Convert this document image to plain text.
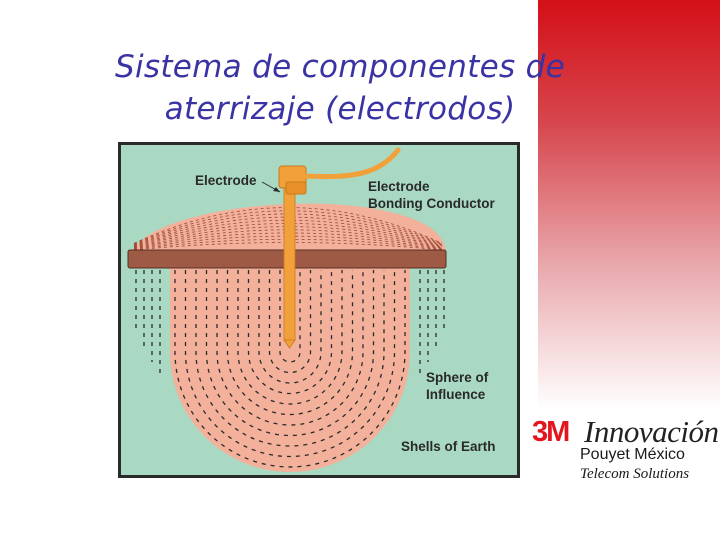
Sistema de componentes de
aterrizaje (electrodos)
Electrode	Electrode
Bonding Conductor
Sphere of
Influence
Shells of Earth 3M Innovación
Pouyet México
Telecom Solutions
